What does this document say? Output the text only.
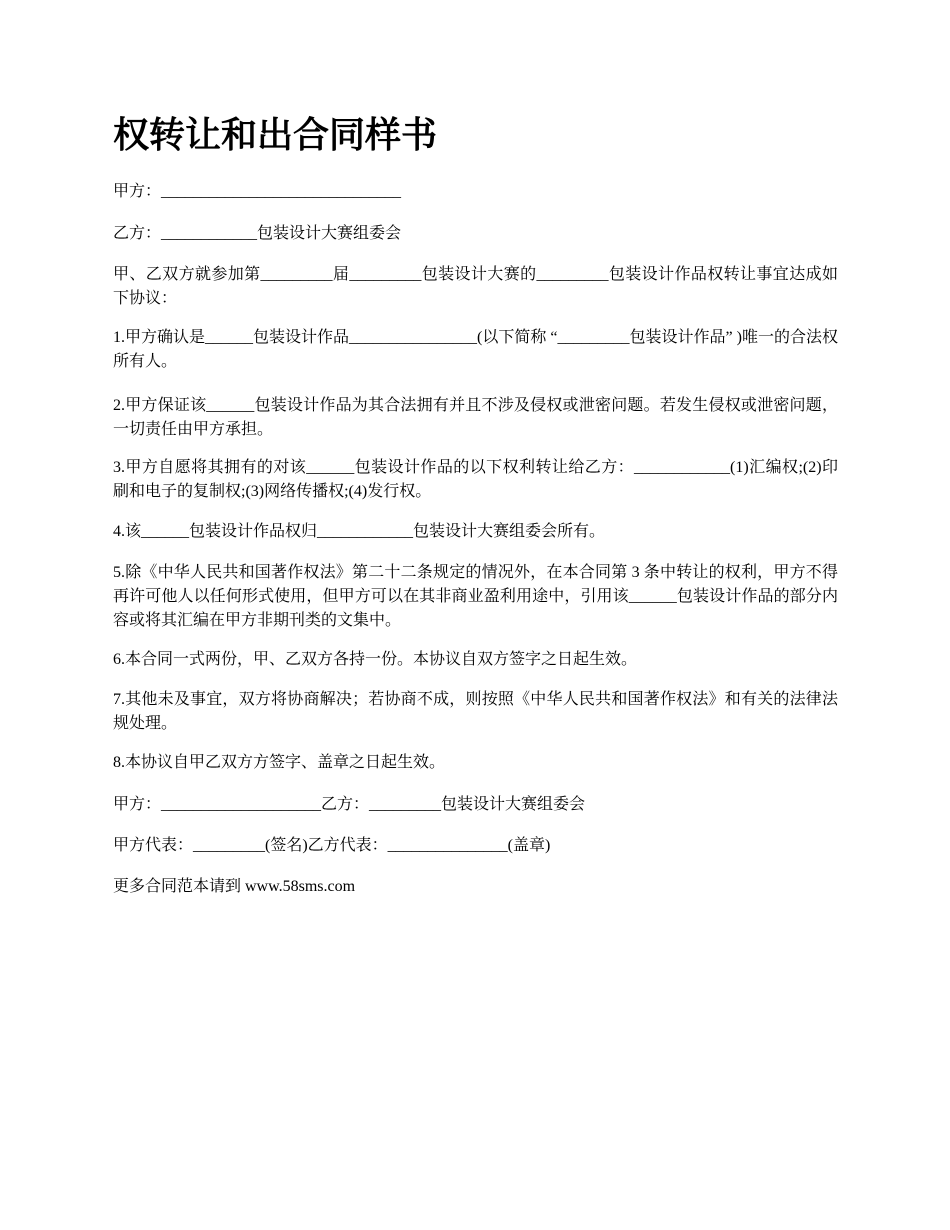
权转让和出合同样书

甲方：______________________________

乙方：____________包装设计大赛组委会

甲、乙双方就参加第_________届_________包装设计大赛的_________包装设计作品权转让事宜达成如下协议：

1.甲方确认是______包装设计作品________________(以下简称 “_________包装设计作品” )唯一的合法权所有人。

2.甲方保证该______包装设计作品为其合法拥有并且不涉及侵权或泄密问题。若发生侵权或泄密问题，一切责任由甲方承担。

3.甲方自愿将其拥有的对该______包装设计作品的以下权利转让给乙方：____________(1)汇编权;(2)印刷和电子的复制权;(3)网络传播权;(4)发行权。

4.该______包装设计作品权归____________包装设计大赛组委会所有。

5.除《中华人民共和国著作权法》第二十二条规定的情况外，在本合同第 3 条中转让的权利，甲方不得再许可他人以任何形式使用，但甲方可以在其非商业盈利用途中，引用该______包装设计作品的部分内容或将其汇编在甲方非期刊类的文集中。

6.本合同一式两份，甲、乙双方各持一份。本协议自双方签字之日起生效。

7.其他未及事宜，双方将协商解决；若协商不成，则按照《中华人民共和国著作权法》和有关的法律法规处理。

8.本协议自甲乙双方方签字、盖章之日起生效。

甲方：____________________乙方：_________包装设计大赛组委会

甲方代表：_________(签名)乙方代表：_______________(盖章)

更多合同范本请到 www.58sms.com
